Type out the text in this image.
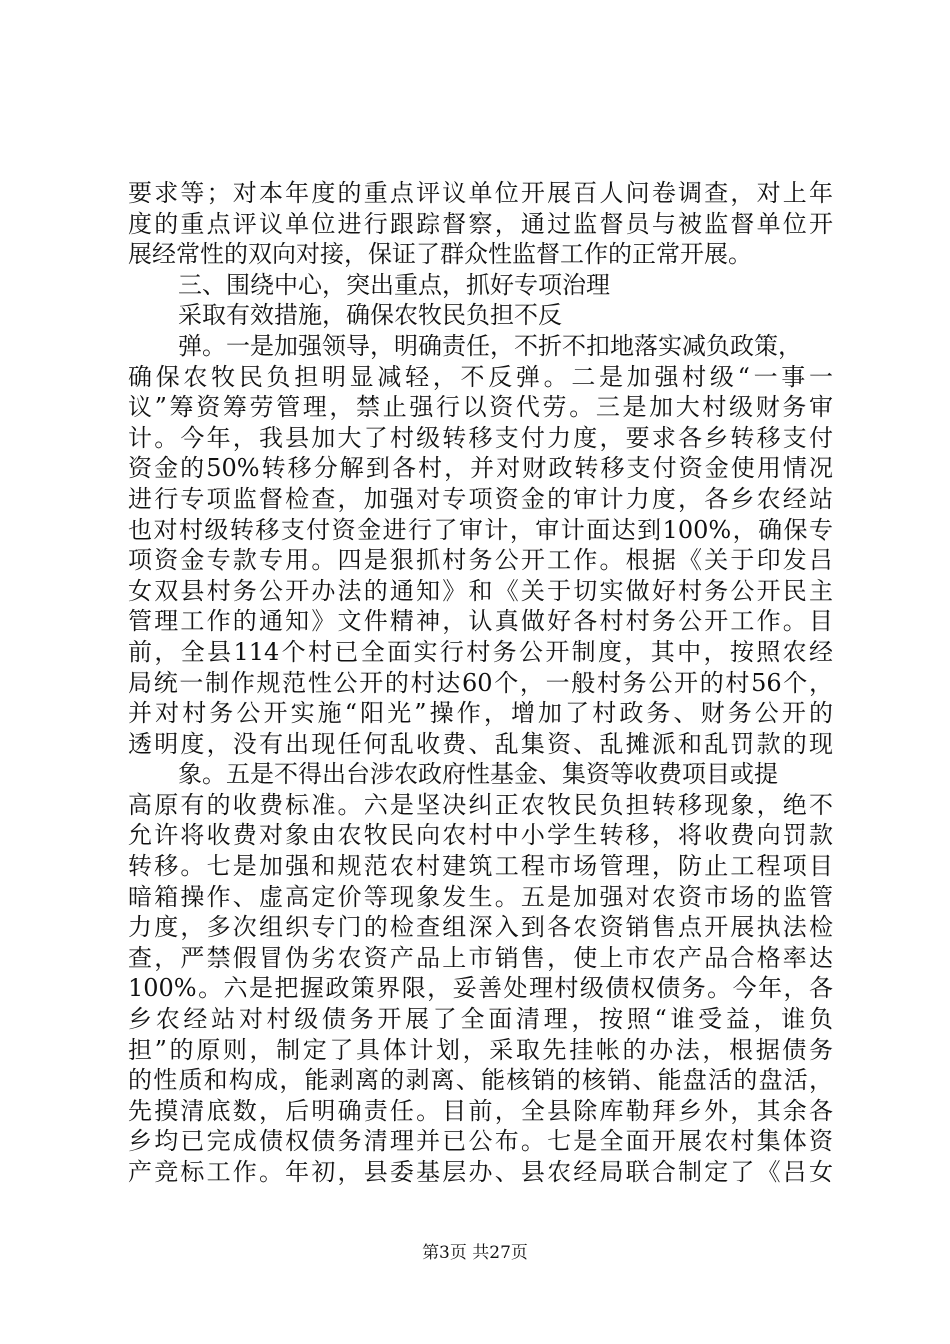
要求等；对本年度的重点评议单位开展百人问卷调查，对上年
度的重点评议单位进行跟踪督察，通过监督员与被监督单位开
展经常性的双向对接，保证了群众性监督工作的正常开展。
三、围绕中心，突出重点，抓好专项治理
采取有效措施，确保农牧民负担不反
弹。一是加强领导，明确责任，不折不扣地落实减负政策，
确保农牧民负担明显减轻，不反弹。二是加强村级“一事一
议”筹资筹劳管理，禁止强行以资代劳。三是加大村级财务审
计。今年，我县加大了村级转移支付力度，要求各乡转移支付
资金的50%转移分解到各村，并对财政转移支付资金使用情况
进行专项监督检查，加强对专项资金的审计力度，各乡农经站
也对村级转移支付资金进行了审计，审计面达到100%，确保专
项资金专款专用。四是狠抓村务公开工作。根据《关于印发吕
女双县村务公开办法的通知》和《关于切实做好村务公开民主
管理工作的通知》文件精神，认真做好各村村务公开工作。目
前，全县114个村已全面实行村务公开制度，其中，按照农经
局统一制作规范性公开的村达60个，一般村务公开的村56个，
并对村务公开实施“阳光”操作，增加了村政务、财务公开的
透明度，没有出现任何乱收费、乱集资、乱摊派和乱罚款的现
象。五是不得出台涉农政府性基金、集资等收费项目或提
高原有的收费标准。六是坚决纠正农牧民负担转移现象，绝不
允许将收费对象由农牧民向农村中小学生转移，将收费向罚款
转移。七是加强和规范农村建筑工程市场管理，防止工程项目
暗箱操作、虚高定价等现象发生。五是加强对农资市场的监管
力度，多次组织专门的检查组深入到各农资销售点开展执法检
查，严禁假冒伪劣农资产品上市销售，使上市农产品合格率达
100%。六是把握政策界限，妥善处理村级债权债务。今年，各
乡农经站对村级债务开展了全面清理，按照“谁受益，谁负
担”的原则，制定了具体计划，采取先挂帐的办法，根据债务
的性质和构成，能剥离的剥离、能核销的核销、能盘活的盘活，
先摸清底数，后明确责任。目前，全县除库勒拜乡外，其余各
乡均已完成债权债务清理并已公布。七是全面开展农村集体资
产竞标工作。年初，县委基层办、县农经局联合制定了《吕女
第3页 共27页
